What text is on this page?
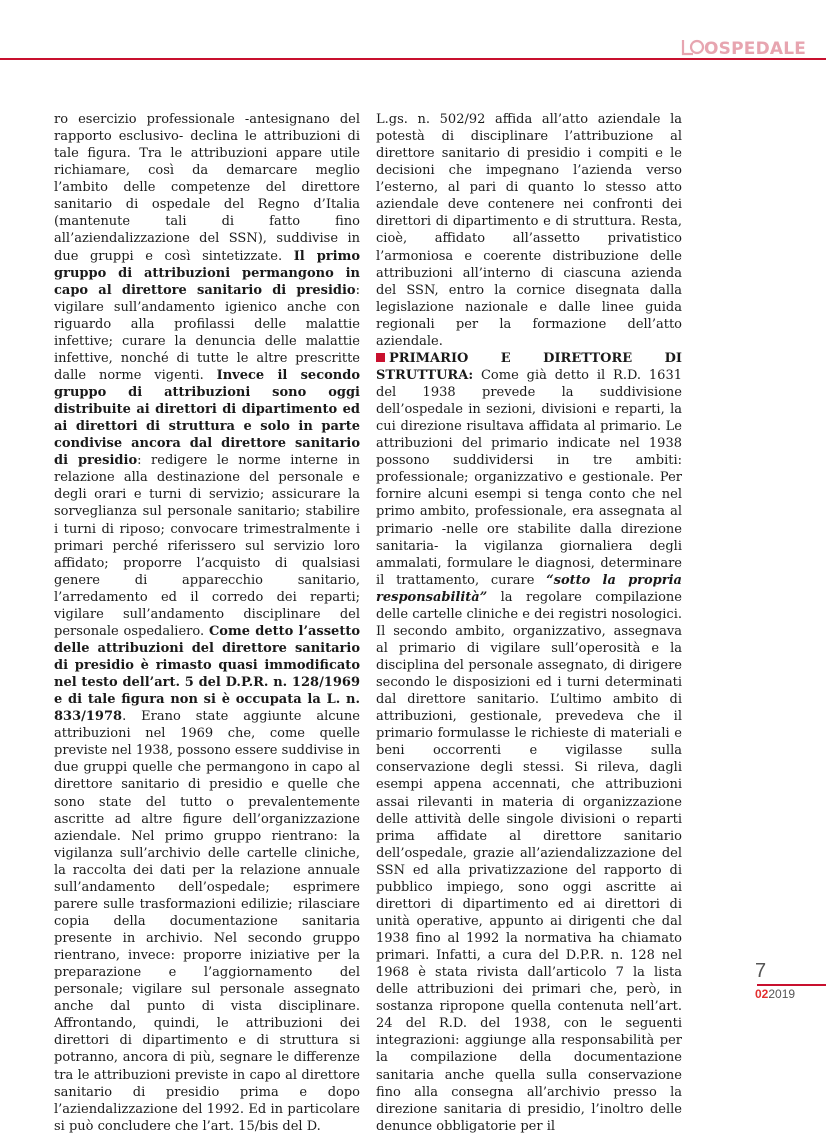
OSPEDALE

ro esercizio professionale -antesignano del rapporto esclusivo- declina le attribuzioni di tale figura. Tra le attribuzioni appare utile richiamare, così da demarcare meglio l’ambito delle competenze del direttore sanitario di ospedale del Regno d’Italia (mantenute tali di fatto fino all’aziendalizzazione del SSN), suddivise in due gruppi e così sintetizzate. Il primo gruppo di attribuzioni permangono in capo al direttore sanitario di presidio: vigilare sull’andamento igienico anche con riguardo alla profilassi delle malattie infettive; curare la denuncia delle malattie infettive, nonché di tutte le altre prescritte dalle norme vigenti. Invece il secondo gruppo di attribuzioni sono oggi distribuite ai direttori di dipartimento ed ai direttori di struttura e solo in parte condivise ancora dal direttore sanitario di presidio: redigere le norme interne in relazione alla destinazione del personale e degli orari e turni di servizio; assicurare la sorveglianza sul personale sanitario; stabilire i turni di riposo; convocare trimestralmente i primari perché riferissero sul servizio loro affidato; proporre l’acquisto di qualsiasi genere di apparecchio sanitario, l’arredamento ed il corredo dei reparti; vigilare sull’andamento disciplinare del personale ospedaliero. Come detto l’assetto delle attribuzioni del direttore sanitario di presidio è rimasto quasi immodificato nel testo dell’art. 5 del D.P.R. n. 128/1969 e di tale figura non si è occupata la L. n. 833/1978. Erano state aggiunte alcune attribuzioni nel 1969 che, come quelle previste nel 1938, possono essere suddivise in due gruppi quelle che permangono in capo al direttore sanitario di presidio e quelle che sono state del tutto o prevalentemente ascritte ad altre figure dell’organizzazione aziendale. Nel primo gruppo rientrano: la vigilanza sull’archivio delle cartelle cliniche, la raccolta dei dati per la relazione annuale sull’andamento dell’ospedale; esprimere parere sulle trasformazioni edilizie; rilasciare copia della documentazione sanitaria presente in archivio. Nel secondo gruppo rientrano, invece: proporre iniziative per la preparazione e l’aggiornamento del personale; vigilare sul personale assegnato anche dal punto di vista disciplinare. Affrontando, quindi, le attribuzioni dei direttori di dipartimento e di struttura si potranno, ancora di più, segnare le differenze tra le attribuzioni previste in capo al direttore sanitario di presidio prima e dopo l’aziendalizzazione del 1992. Ed in particolare si può concludere che l’art. 15/bis del D.

L.gs. n. 502/92 affida all’atto aziendale la potestà di disciplinare l’attribuzione al direttore sanitario di presidio i compiti e le decisioni che impegnano l’azienda verso l’esterno, al pari di quanto lo stesso atto aziendale deve contenere nei confronti dei direttori di dipartimento e di struttura. Resta, cioè, affidato all’assetto privatistico l’armoniosa e coerente distribuzione delle attribuzioni all’interno di ciascuna azienda del SSN, entro la cornice disegnata dalla legislazione nazionale e dalle linee guida regionali per la formazione dell’atto aziendale.

PRIMARIO E DIRETTORE DI STRUTTURA: Come già detto il R.D. 1631 del 1938 prevede la suddivisione dell’ospedale in sezioni, divisioni e reparti, la cui direzione risultava affidata al primario. Le attribuzioni del primario indicate nel 1938 possono suddividersi in tre ambiti: professionale; organizzativo e gestionale. Per fornire alcuni esempi si tenga conto che nel primo ambito, professionale, era assegnata al primario -nelle ore stabilite dalla direzione sanitaria- la vigilanza giornaliera degli ammalati, formulare le diagnosi, determinare il trattamento, curare “sotto la propria responsabilità” la regolare compilazione delle cartelle cliniche e dei registri nosologici. Il secondo ambito, organizzativo, assegnava al primario di vigilare sull’operosità e la disciplina del personale assegnato, di dirigere secondo le disposizioni ed i turni determinati dal direttore sanitario. L’ultimo ambito di attribuzioni, gestionale, prevedeva che il primario formulasse le richieste di materiali e beni occorrenti e vigilasse sulla conservazione degli stessi. Si rileva, dagli esempi appena accennati, che attribuzioni assai rilevanti in materia di organizzazione delle attività delle singole divisioni o reparti prima affidate al direttore sanitario dell’ospedale, grazie all’aziendalizzazione del SSN ed alla privatizzazione del rapporto di pubblico impiego, sono oggi ascritte ai direttori di dipartimento ed ai direttori di unità operative, appunto ai dirigenti che dal 1938 fino al 1992 la normativa ha chiamato primari. Infatti, a cura del D.P.R. n. 128 nel 1968 è stata rivista dall’articolo 7 la lista delle attribuzioni dei primari che, però, in sostanza ripropone quella contenuta nell’art. 24 del R.D. del 1938, con le seguenti integrazioni: aggiunge alla responsabilità per la compilazione della documentazione sanitaria anche quella sulla conservazione fino alla consegna all’archivio presso la direzione sanitaria di presidio, l’inoltro delle denunce obbligatorie per il

7
022019
